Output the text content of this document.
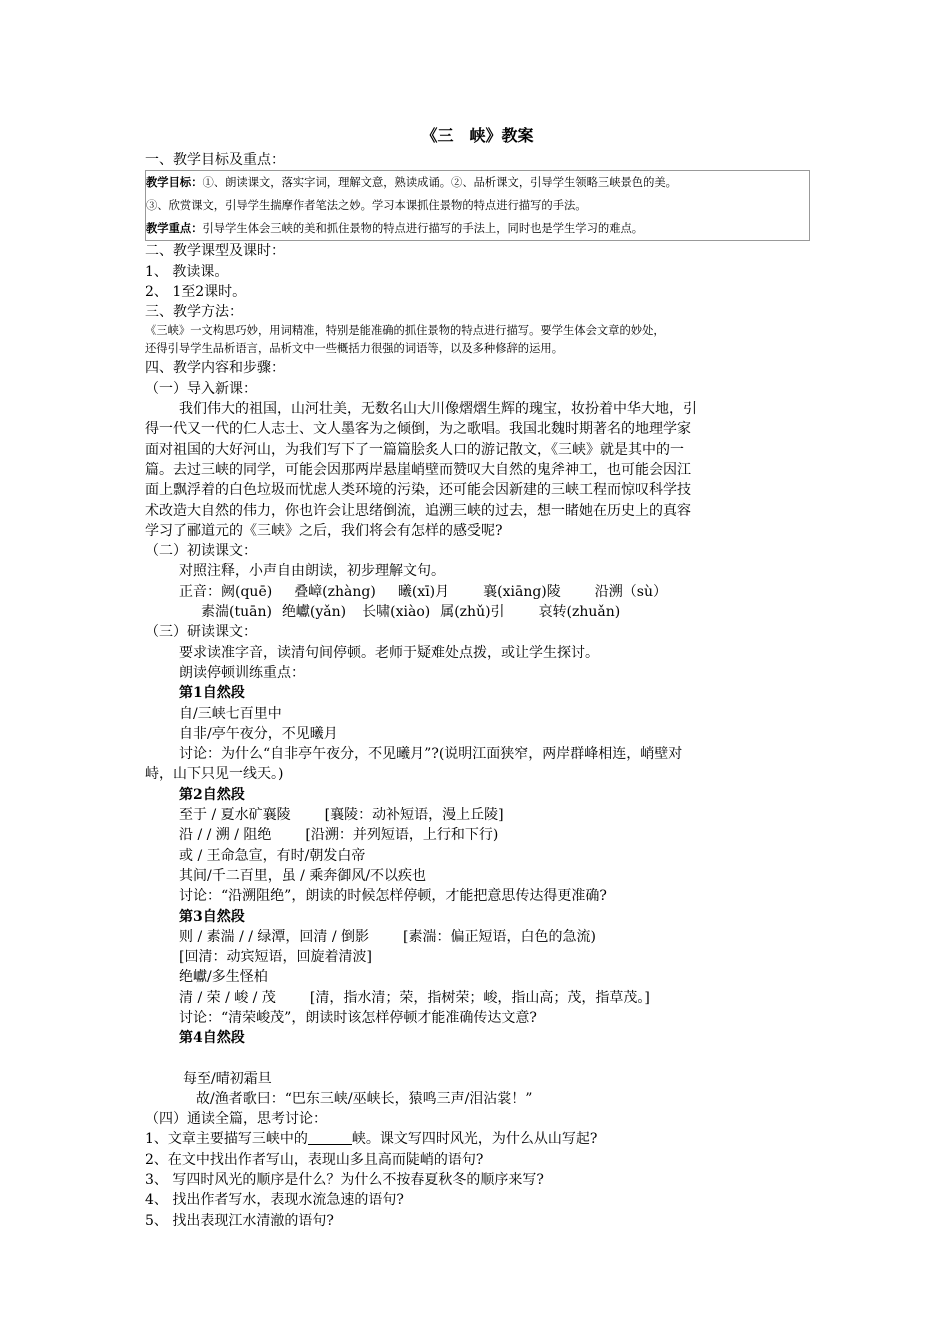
《三　峡》教案
一、教学目标及重点：
教学目标：①、朗读课文，落实字词，理解文意，熟读成诵。②、品析课文，引导学生领略三峡景色的美。
③、欣赏课文，引导学生揣摩作者笔法之妙。学习本课抓住景物的特点进行描写的手法。
教学重点：引导学生体会三峡的美和抓住景物的特点进行描写的手法上，同时也是学生学习的难点。
二、教学课型及课时：
1、 教读课。
2、 1至2课时。
三、教学方法：
《三峡》一文构思巧妙，用词精准，特别是能准确的抓住景物的特点进行描写。要学生体会文章的妙处，
还得引导学生品析语言，品析文中一些概括力很强的词语等，以及多种修辞的运用。
四、教学内容和步骤：
（一）导入新课：
我们伟大的祖国，山河壮美，无数名山大川像熠熠生辉的瑰宝，妆扮着中华大地，引
得一代又一代的仁人志士、文人墨客为之倾倒，为之歌唱。我国北魏时期著名的地理学家
面对祖国的大好河山，为我们写下了一篇篇脍炙人口的游记散文，《三峡》就是其中的一
篇。去过三峡的同学，可能会因那两岸悬崖峭壁而赞叹大自然的鬼斧神工，也可能会因江
面上飘浮着的白色垃圾而忧虑人类环境的污染，还可能会因新建的三峡工程而惊叹科学技
术改造大自然的伟力，你也许会让思绪倒流，追溯三峡的过去，想一睹她在历史上的真容
学习了郦道元的《三峡》之后，我们将会有怎样的感受呢?
（二）初读课文：
对照注释，小声自由朗读，初步理解文句。
正音：阙(quē) 叠嶂(zhàng) 曦(xī)月 襄(xiāng)陵 沿溯（sù）
素湍(tuān) 绝巘(yǎn) 长啸(xiào) 属(zhǔ)引 哀转(zhuǎn)
（三）研读课文：
要求读准字音，读清句间停顿。老师于疑难处点拨，或让学生探讨。
朗读停顿训练重点：
第1自然段
自/三峡七百里中
自非/亭午夜分，不见曦月
讨论：为什么“自非亭午夜分，不见曦月”?(说明江面狭窄，两岸群峰相连，峭壁对
峙，山下只见一线天。)
第2自然段
至于 / 夏水矿襄陵 [襄陵：动补短语，漫上丘陵]
沿 / / 溯 / 阻绝 [沿溯：并列短语，上行和下行)
或 / 王命急宣，有时/朝发白帝
其间/千二百里，虽 / 乘奔御风/不以疾也
讨论：“沿溯阻绝”，朗读的时候怎样停顿，才能把意思传达得更准确?
第3自然段
则 / 素湍 / / 绿潭，回清 / 倒影 [素湍：偏正短语，白色的急流)
[回清：动宾短语，回旋着清波]
绝巘/多生怪柏
清 / 荣 / 峻 / 茂 [清，指水清；荣，指树荣；峻，指山高；茂，指草茂。]
讨论：“清荣峻茂”，朗读时该怎样停顿才能准确传达文意?
第4自然段
每至/晴初霜旦
故/渔者歌曰：“巴东三峡/巫峡长，猿鸣三声/泪沾裳！”
（四）通读全篇，思考讨论：
1、文章主要描写三峡中的	峡。课文写四时风光，为什么从山写起?
2、在文中找出作者写山，表现山多且高而陡峭的语句?
3、 写四时风光的顺序是什么？为什么不按春夏秋冬的顺序来写?
4、 找出作者写水，表现水流急速的语句?
5、 找出表现江水清澈的语句?
